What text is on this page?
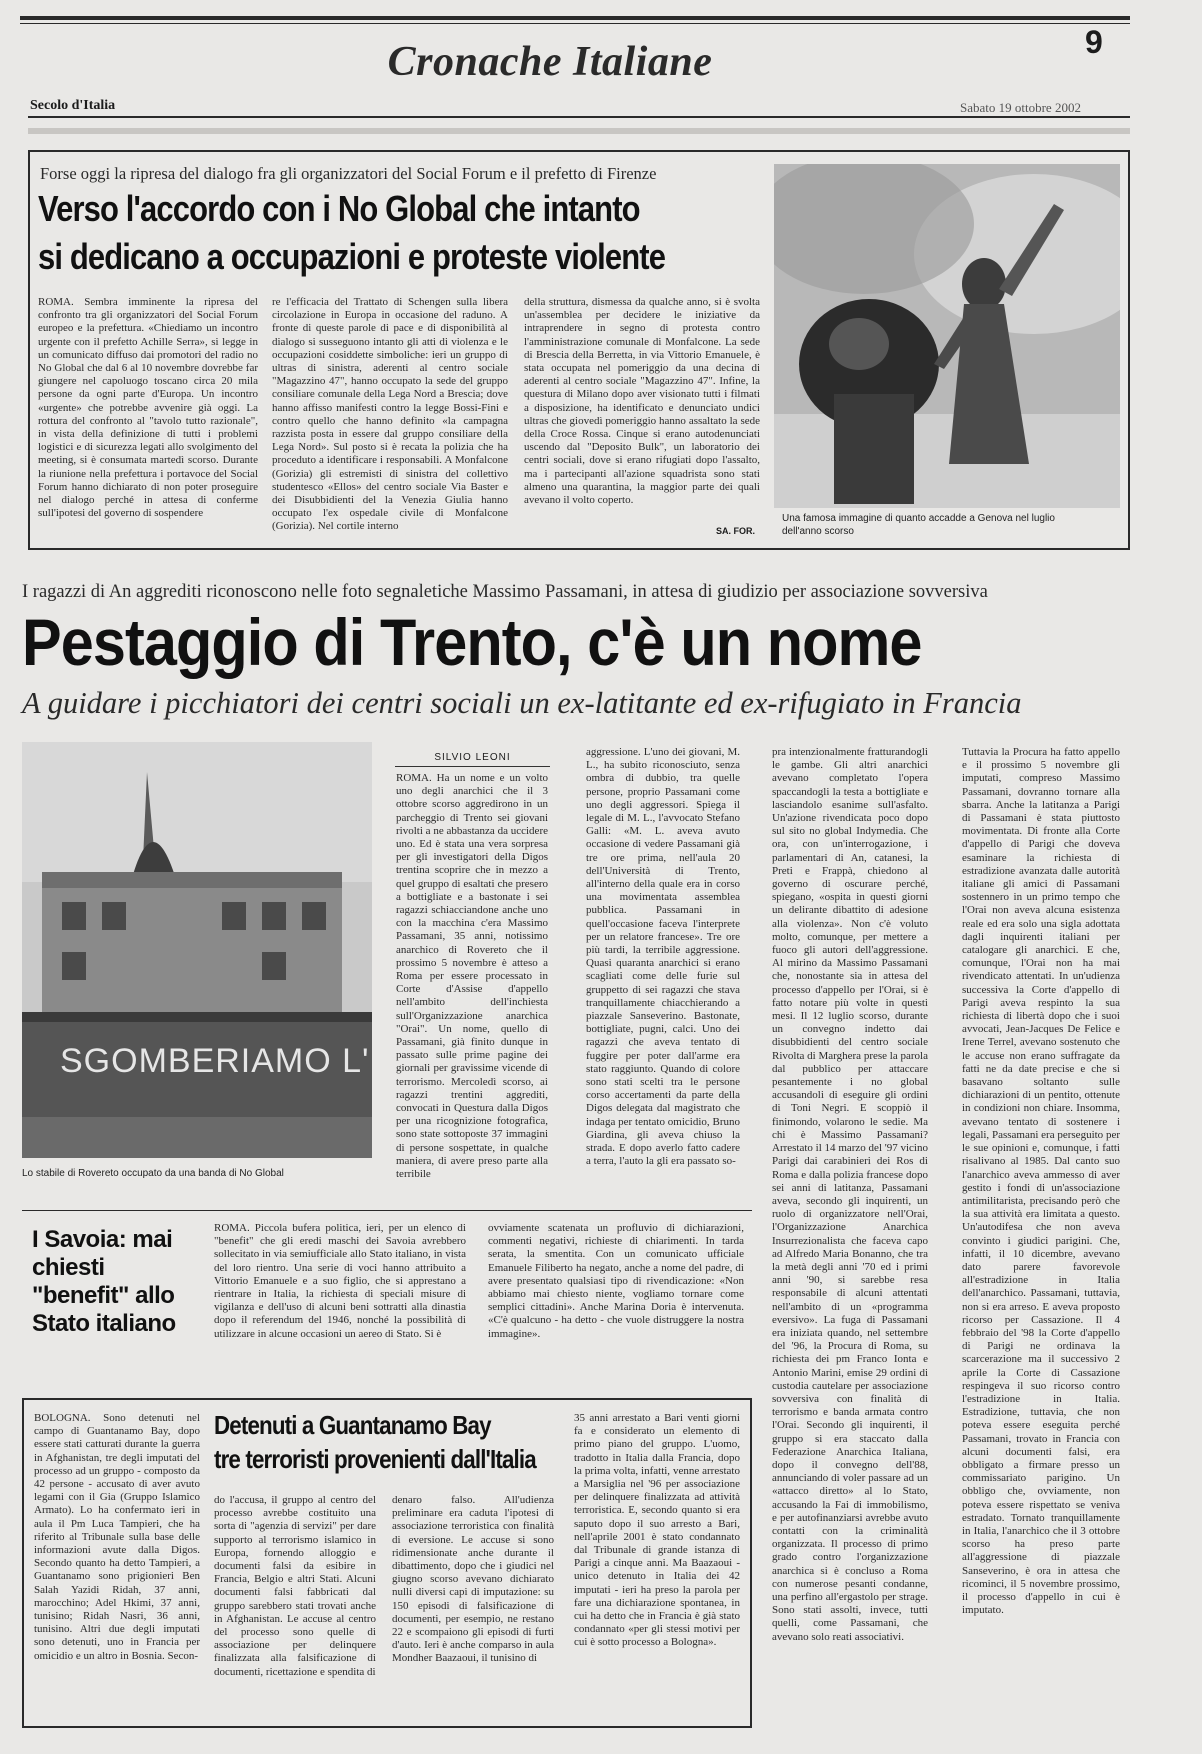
Cronache Italiane	9
Secolo d'Italia	Sabato 19 ottobre 2002
Forse oggi la ripresa del dialogo fra gli organizzatori del Social Forum e il prefetto di Firenze
Verso l'accordo con i No Global che intanto
si dedicano a occupazioni e proteste violente
ROMA. Sembra imminente la ripresa del confronto tra gli organizzatori del Social Forum europeo e la prefettura. «Chiediamo un incontro urgente con il prefetto Achille Serra», si legge in un comunicato diffuso dai promotori del radio no No Global che dal 6 al 10 novembre dovrebbe far giungere nel capoluogo toscano circa 20 mila persone da ogni parte d'Europa. Un incontro «urgente» che potrebbe avvenire già oggi. La rottura del confronto al "tavolo tutto razionale", in vista della definizione di tutti i problemi logistici e di sicurezza legati allo svolgimento del meeting, si è consumata martedì scorso. Durante la riunione nella prefettura i portavoce del Social Forum hanno dichiarato di non poter proseguire nel dialogo perché in attesa di conferme sull'ipotesi del governo di sospendere
re l'efficacia del Trattato di Schengen sulla libera circolazione in Europa in occasione del raduno. A fronte di queste parole di pace e di disponibilità al dialogo si susseguono intanto gli atti di violenza e le occupazioni cosiddette simboliche: ieri un gruppo di ultras di sinistra, aderenti al centro sociale "Magazzino 47", hanno occupato la sede del gruppo consiliare comunale della Lega Nord a Brescia; dove hanno affisso manifesti contro la legge Bossi-Fini e contro quello che hanno definito «la campagna razzista posta in essere dal gruppo consiliare della Lega Nord». Sul posto si è recata la polizia che ha proceduto a identificare i responsabili. A Monfalcone (Gorizia) gli estremisti di sinistra del collettivo studentesco «Ellos» del centro sociale Via Baster e dei Disubbidienti del la Venezia Giulia hanno occupato l'ex ospedale civile di Monfalcone (Gorizia). Nel cortile interno
della struttura, dismessa da qualche anno, si è svolta un'assemblea per decidere le iniziative da intraprendere in segno di protesta contro l'amministrazione comunale di Monfalcone. La sede di Brescia della Berretta, in via Vittorio Emanuele, è stata occupata nel pomeriggio da una decina di aderenti al centro sociale "Magazzino 47". Infine, la questura di Milano dopo aver visionato tutti i filmati a disposizione, ha identificato e denunciato undici ultras che giovedì pomeriggio hanno assaltato la sede della Croce Rossa. Cinque si erano autodenunciati uscendo dal "Deposito Bulk", un laboratorio dei centri sociali, dove si erano rifugiati dopo l'assalto, ma i partecipanti all'azione squadrista sono stati almeno una quarantina, la maggior parte dei quali avevano il volto coperto.
SA. FOR.
Una famosa immagine di quanto accadde a Genova nel luglio dell'anno scorso
I ragazzi di An aggrediti riconoscono nelle foto segnaletiche Massimo Passamani, in attesa di giudizio per associazione sovversiva
Pestaggio di Trento, c'è un nome
A guidare i picchiatori dei centri sociali un ex-latitante ed ex-rifugiato in Francia
SGOMBERIAMO L'
Lo stabile di Rovereto occupato da una banda di No Global
SILVIO LEONI
ROMA. Ha un nome e un volto uno degli anarchici che il 3 ottobre scorso aggredirono in un parcheggio di Trento sei giovani rivolti a ne abbastanza da uccidere uno. Ed è stata una vera sorpresa per gli investigatori della Digos trentina scoprire che in mezzo a quel gruppo di esaltati che presero a bottigliate e a bastonate i sei ragazzi schiacciandone anche uno con la macchina c'era Massimo Passamani, 35 anni, notissimo anarchico di Rovereto che il prossimo 5 novembre è atteso a Roma per essere processato in Corte d'Assise d'appello nell'ambito dell'inchiesta sull'Organizzazione anarchica "Orai". Un nome, quello di Passamani, già finito dunque in passato sulle prime pagine dei giornali per gravissime vicende di terrorismo. Mercoledì scorso, ai ragazzi trentini aggrediti, convocati in Questura dalla Digos per una ricognizione fotografica, sono state sottoposte 37 immagini di persone sospettate, in qualche maniera, di avere preso parte alla terribile
aggressione. L'uno dei giovani, M. L., ha subito riconosciuto, senza ombra di dubbio, tra quelle persone, proprio Passamani come uno degli aggressori. Spiega il legale di M. L., l'avvocato Stefano Galli: «M. L. aveva avuto occasione di vedere Passamani già tre ore prima, nell'aula 20 dell'Università di Trento, all'interno della quale era in corso una movimentata assemblea pubblica. Passamani in quell'occasione faceva l'interprete per un relatore francese». Tre ore più tardi, la terribile aggressione. Quasi quaranta anarchici si erano scagliati come delle furie sul gruppetto di sei ragazzi che stava tranquillamente chiacchierando a piazzale Sanseverino. Bastonate, bottigliate, pugni, calci. Uno dei ragazzi che aveva tentato di fuggire per poter dall'arme era stato raggiunto. Quando di colore sono stati scelti tra le persone corso accertamenti da parte della Digos delegata dal magistrato che indaga per tentato omicidio, Bruno Giardina, gli aveva chiuso la strada. E dopo averlo fatto cadere a terra, l'auto la gli era passato so-
pra intenzionalmente fratturandogli le gambe. Gli altri anarchici avevano completato l'opera spaccandogli la testa a bottigliate e lasciandolo esanime sull'asfalto. Un'azione rivendicata poco dopo sul sito no global Indymedia. Che ora, con un'interrogazione, i parlamentari di An, catanesi, la Preti e Frappà, chiedono al governo di oscurare perché, spiegano, «ospita in questi giorni un delirante dibattito di adesione alla violenza». Non c'è voluto molto, comunque, per mettere a fuoco gli autori dell'aggressione. Al mirino da Massimo Passamani che, nonostante sia in attesa del processo d'appello per l'Orai, si è fatto notare più volte in questi mesi. Il 12 luglio scorso, durante un convegno indetto dai disubbidienti del centro sociale Rivolta di Marghera prese la parola dal pubblico per attaccare pesantemente i no global accusandoli di eseguire gli ordini di Toni Negri. E scoppiò il finimondo, volarono le sedie. Ma chi è Massimo Passamani? Arrestato il 14 marzo del '97 vicino Parigi dai carabinieri dei Ros di Roma e dalla polizia francese dopo sei anni di latitanza, Passamani aveva, secondo gli inquirenti, un ruolo di organizzatore nell'Orai, l'Organizzazione Anarchica Insurrezionalista che faceva capo ad Alfredo Maria Bonanno, che tra la metà degli anni '70 ed i primi anni '90, si sarebbe resa responsabile di alcuni attentati nell'ambito di un «programma eversivo». La fuga di Passamani era iniziata quando, nel settembre del '96, la Procura di Roma, su richiesta dei pm Franco Ionta e Antonio Marini, emise 29 ordini di custodia cautelare per associazione sovversiva con finalità di terrorismo e banda armata contro l'Orai. Secondo gli inquirenti, il gruppo si era staccato dalla Federazione Anarchica Italiana, dopo il convegno dell'88, annunciando di voler passare ad un «attacco diretto» al lo Stato, accusando la Fai di immobilismo, e per autofinanziarsi avrebbe avuto contatti con la criminalità organizzata. Il processo di primo grado contro l'organizzazione anarchica si è concluso a Roma con numerose pesanti condanne, una perfino all'ergastolo per strage. Sono stati assolti, invece, tutti quelli, come Passamani, che avevano solo reati associativi.
Tuttavia la Procura ha fatto appello e il prossimo 5 novembre gli imputati, compreso Massimo Passamani, dovranno tornare alla sbarra. Anche la latitanza a Parigi di Passamani è stata piuttosto movimentata. Di fronte alla Corte d'appello di Parigi che doveva esaminare la richiesta di estradizione avanzata dalle autorità italiane gli amici di Passamani sostennero in un primo tempo che l'Orai non aveva alcuna esistenza reale ed era solo una sigla adottata dagli inquirenti italiani per catalogare gli anarchici. E che, comunque, l'Orai non ha mai rivendicato attentati. In un'udienza successiva la Corte d'appello di Parigi aveva respinto la sua richiesta di libertà dopo che i suoi avvocati, Jean-Jacques De Felice e Irene Terrel, avevano sostenuto che le accuse non erano suffragate da fatti ne da date precise e che si basavano soltanto sulle dichiarazioni di un pentito, ottenute in condizioni non chiare. Insomma, avevano tentato di sostenere i legali, Passamani era perseguito per le sue opinioni e, comunque, i fatti risalivano al 1985. Dal canto suo l'anarchico aveva ammesso di aver gestito i fondi di un'associazione antimilitarista, precisando però che la sua attività era limitata a questo. Un'autodifesa che non aveva convinto i giudici parigini. Che, infatti, il 10 dicembre, avevano dato parere favorevole all'estradizione in Italia dell'anarchico. Passamani, tuttavia, non si era arreso. E aveva proposto ricorso per Cassazione. Il 4 febbraio del '98 la Corte d'appello di Parigi ne ordinava la scarcerazione ma il successivo 2 aprile la Corte di Cassazione respingeva il suo ricorso contro l'estradizione in Italia. Estradizione, tuttavia, che non poteva essere eseguita perché Passamani, trovato in Francia con alcuni documenti falsi, era obbligato a firmare presso un commissariato parigino. Un obbligo che, ovviamente, non poteva essere rispettato se veniva estradato. Tornato tranquillamente in Italia, l'anarchico che il 3 ottobre scorso ha preso parte all'aggressione di piazzale Sanseverino, è ora in attesa che ricominci, il 5 novembre prossimo, il processo d'appello in cui è imputato.
I Savoia: mai chiesti "benefit" allo Stato italiano
ROMA. Piccola bufera politica, ieri, per un elenco di "benefit" che gli eredi maschi dei Savoia avrebbero sollecitato in via semiufficiale allo Stato italiano, in vista del loro rientro. Una serie di voci hanno attribuito a Vittorio Emanuele e a suo figlio, che si apprestano a rientrare in Italia, la richiesta di speciali misure di vigilanza e dell'uso di alcuni beni sottratti alla dinastia dopo il referendum del 1946, nonché la possibilità di utilizzare in alcune occasioni un aereo di Stato. Si è
ovviamente scatenata un profluvio di dichiarazioni, commenti negativi, richieste di chiarimenti. In tarda serata, la smentita. Con un comunicato ufficiale Emanuele Filiberto ha negato, anche a nome del padre, di avere presentato qualsiasi tipo di rivendicazione: «Non abbiamo mai chiesto niente, vogliamo tornare come semplici cittadini». Anche Marina Doria è intervenuta. «C'è qualcuno - ha detto - che vuole distruggere la nostra immagine».
BOLOGNA. Sono detenuti nel campo di Guantanamo Bay, dopo essere stati catturati durante la guerra in Afghanistan, tre degli imputati del processo ad un gruppo - composto da 42 persone - accusato di aver avuto legami con il Gia (Gruppo Islamico Armato). Lo ha confermato ieri in aula il Pm Luca Tampieri, che ha riferito al Tribunale sulla base delle informazioni avute dalla Digos. Secondo quanto ha detto Tampieri, a Guantanamo sono prigionieri Ben Salah Yazidi Ridah, 37 anni, marocchino; Adel Hkimi, 37 anni, tunisino; Ridah Nasri, 36 anni, tunisino. Altri due degli imputati sono detenuti, uno in Francia per omicidio e un altro in Bosnia. Secon-
Detenuti a Guantanamo Bay
tre terroristi provenienti dall'Italia
do l'accusa, il gruppo al centro del processo avrebbe costituito una sorta di "agenzia di servizi" per dare supporto al terrorismo islamico in Europa, fornendo alloggio e documenti falsi da esibire in Francia, Belgio e altri Stati. Alcuni documenti falsi fabbricati dal gruppo sarebbero stati trovati anche in Afghanistan. Le accuse al centro del processo sono quelle di associazione per delinquere finalizzata alla falsificazione di documenti, ricettazione e spendita di
denaro falso. All'udienza preliminare era caduta l'ipotesi di associazione terroristica con finalità di eversione. Le accuse si sono ridimensionate anche durante il dibattimento, dopo che i giudici nel giugno scorso avevano dichiarato nulli diversi capi di imputazione: su 150 episodi di falsificazione di documenti, per esempio, ne restano 22 e scompaiono gli episodi di furti d'auto. Ieri è anche comparso in aula Mondher Baazaoui, il tunisino di
35 anni arrestato a Bari venti giorni fa e considerato un elemento di primo piano del gruppo. L'uomo, tradotto in Italia dalla Francia, dopo la prima volta, infatti, venne arrestato a Marsiglia nel '96 per associazione per delinquere finalizzata ad attività terroristica. E, secondo quanto si era saputo dopo il suo arresto a Bari, nell'aprile 2001 è stato condannato dal Tribunale di grande istanza di Parigi a cinque anni. Ma Baazaoui - unico detenuto in Italia dei 42 imputati - ieri ha preso la parola per fare una dichiarazione spontanea, in cui ha detto che in Francia è già stato condannato «per gli stessi motivi per cui è sotto processo a Bologna».
